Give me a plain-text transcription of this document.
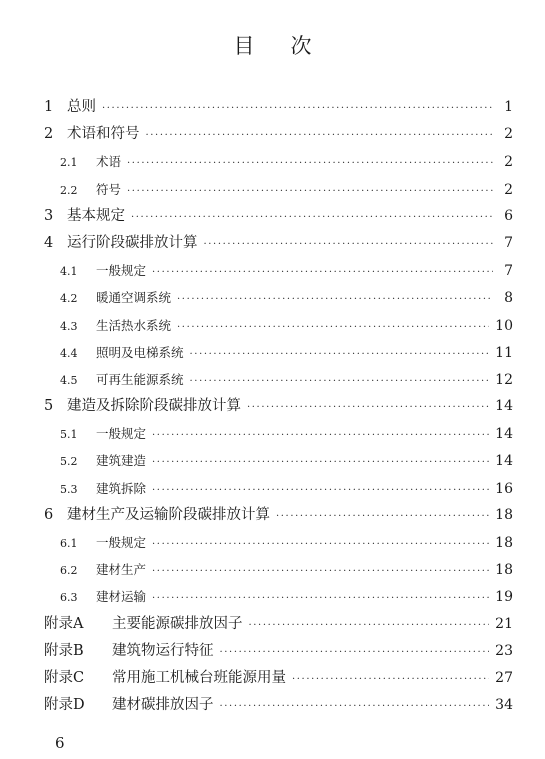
目次
1 总则 ·····	1
2 术语和符号 ·····	2
2.1	术语 ·····	2
2.2	符号 ·····	2
3 基本规定 ·····	6
4 运行阶段碳排放计算 ·····	7
4.1	一般规定 ·····	7
4.2	暖通空调系统 ·····	8
4.3	生活热水系统 ·····	10
4.4	照明及电梯系统 ·····	11
4.5	可再生能源系统 ·····	12
5 建造及拆除阶段碳排放计算 ·····	14
5.1	一般规定 ·····	14
5.2	建筑建造 ·····	14
5.3	建筑拆除 ·····	16
6 建材生产及运输阶段碳排放计算 ·····	18
6.1	一般规定 ·····	18
6.2	建材生产 ·····	18
6.3	建材运输 ·····	19
附录A	主要能源碳排放因子 ·····	21
附录B	建筑物运行特征 ·····	23
附录C	常用施工机械台班能源用量 ·····	27
附录D	建材碳排放因子 ·····	34
6
